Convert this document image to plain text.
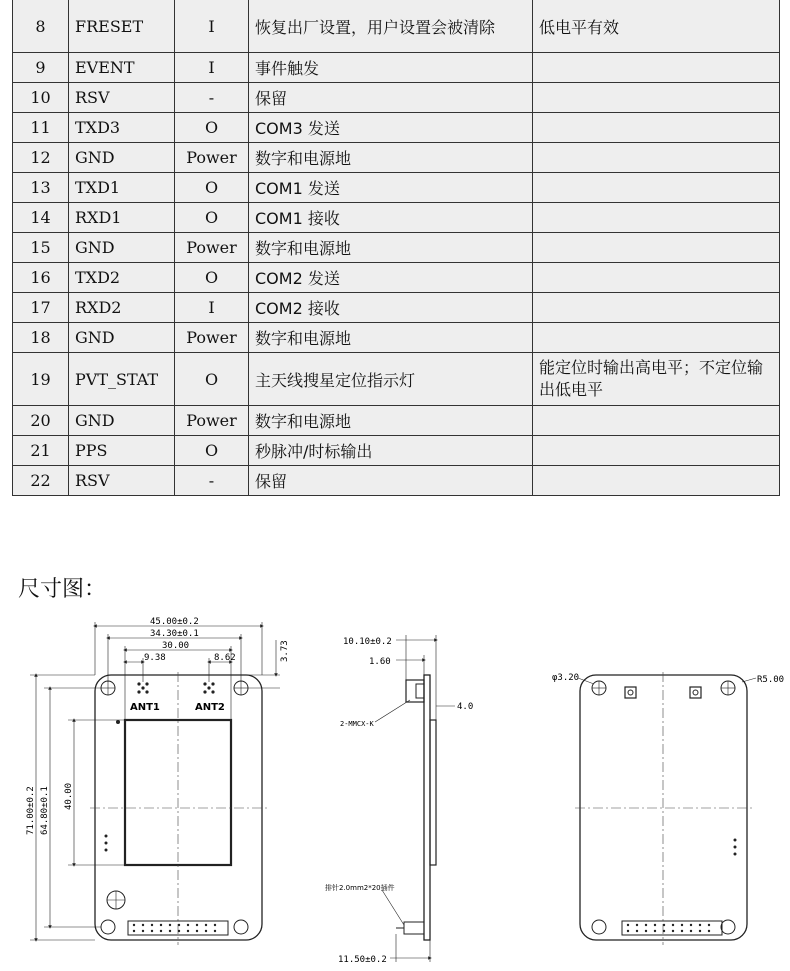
8	FRESET	I	恢复出厂设置，用户设置会被清除	低电平有效
9	EVENT	I	事件触发	
10	RSV	-	保留	
11	TXD3	O	COM3 发送	
12	GND	Power	数字和电源地	
13	TXD1	O	COM1 发送	
14	RXD1	O	COM1 接收	
15	GND	Power	数字和电源地	
16	TXD2	O	COM2 发送	
17	RXD2	I	COM2 接收	
18	GND	Power	数字和电源地	
19	PVT_STAT	O	主天线搜星定位指示灯	能定位时输出高电平；不定位输出低电平
20	GND	Power	数字和电源地	
21	PPS	O	秒脉冲/时标输出	
22	RSV	-	保留	
尺寸图：
ANT1	ANT2
45.00±0.2
34.30±0.1
30.00
9.38	8.62	3.73
71.00±0.2 64.80±0.1 40.00
10.10±0.2
1.60
4.0
2-MMCX-K
排针2.0mm2*20插件
11.50±0.2
φ3.20	R5.00
